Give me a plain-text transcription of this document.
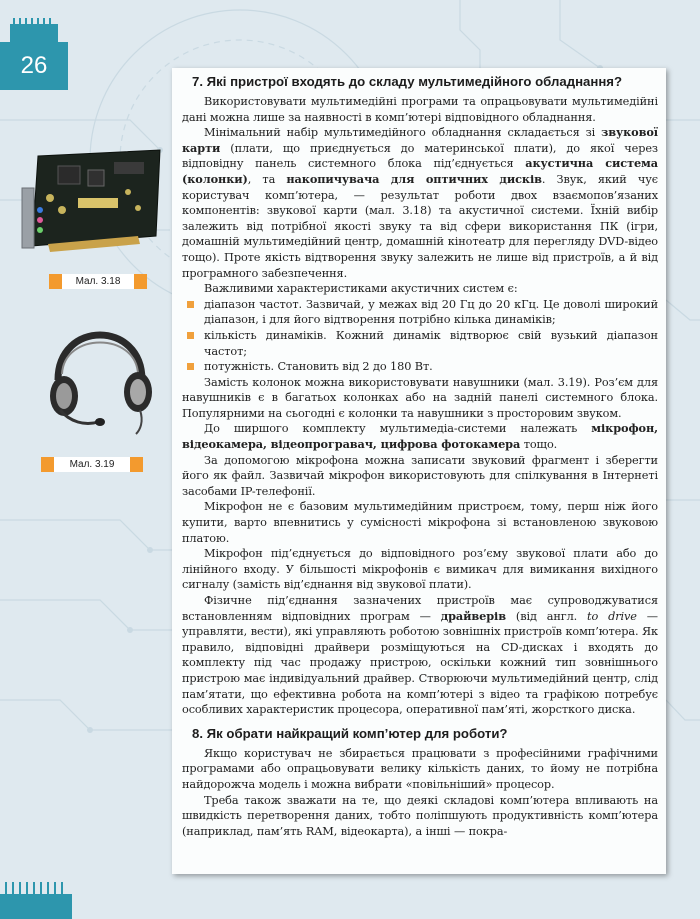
26
Мал. 3.18
Мал. 3.19
7. Які пристрої входять до складу мультимедійного обладнання?

Використовувати мультимедійні програми та опрацьовувати мультимедійні дані можна лише за наявності в комп’ютері відповідного обладнання.

Мінімальний набір мультимедійного обладнання складається зі звукової карти (плати, що приєднується до материнської плати), до якої через відповідну панель системного блока під’єднується акустична система (колонки), та накопичувача для оптичних дисків. Звук, який чує користувач комп’ютера, — результат роботи двох взаємопов’язаних компонентів: звукової карти (мал. 3.18) та акустичної системи. Їхній вибір залежить від потрібної якості звуку та від сфери використання ПК (ігри, домашній мультимедійний центр, домашній кінотеатр для перегляду DVD-відео тощо). Проте якість відтворення звуку залежить не лише від пристроїв, а й від програмного забезпечення.

Важливими характеристиками акустичних систем є:

діапазон частот. Зазвичай, у межах від 20 Гц до 20 кГц. Це доволі широкий діапазон, і для його відтворення потрібно кілька динаміків;
кількість динаміків. Кожний динамік відтворює свій вузький діапазон частот;
потужність. Становить від 2 до 180 Вт.

Замість колонок можна використовувати навушники (мал. 3.19). Роз’єм для навушників є в багатьох колонках або на задній панелі системного блока. Популярними на сьогодні є колонки та навушники з просторовим звуком.

До ширшого комплекту мультимедіа-системи належать мікрофон, відеокамера, відеопрогравач, цифрова фотокамера тощо.

За допомогою мікрофона можна записати звуковий фрагмент і зберегти його як файл. Зазвичай мікрофон використовують для спілкування в Інтернеті засобами IP-телефонії.

Мікрофон не є базовим мультимедійним пристроєм, тому, перш ніж його купити, варто впевнитись у сумісності мікрофона зі встановленою звуковою платою.

Мікрофон під’єднується до відповідного роз’єму звукової плати або до лінійного входу. У більшості мікрофонів є вимикач для вимикання вихідного сигналу (замість від’єднання від звукової плати).

Фізичне під’єднання зазначених пристроїв має супроводжуватися встановленням відповідних програм — драйверів (від англ. to drive — управляти, вести), які управляють роботою зовнішніх пристроїв комп’ютера. Як правило, відповідні драйвери розміщуються на CD-дисках і входять до комплекту під час продажу пристрою, оскільки кожний тип зовнішнього пристрою має індивідуальний драйвер. Створюючи мультимедійний центр, слід пам’ятати, що ефективна робота на комп’ютері з відео та графікою потребує особливих характеристик процесора, оперативної пам’яті, жорсткого диска.

8. Як обрати найкращий комп’ютер для роботи?

Якщо користувач не збирається працювати з професійними графічними програмами або опрацьовувати велику кількість даних, то йому не потрібна найдорожча модель і можна вибрати «повільніший» процесор.

Треба також зважати на те, що деякі складові комп’ютера впливають на швидкість перетворення даних, тобто поліпшують продуктивність комп’ютера (наприклад, пам’ять RAM, відеокарта), а інші — покра-
